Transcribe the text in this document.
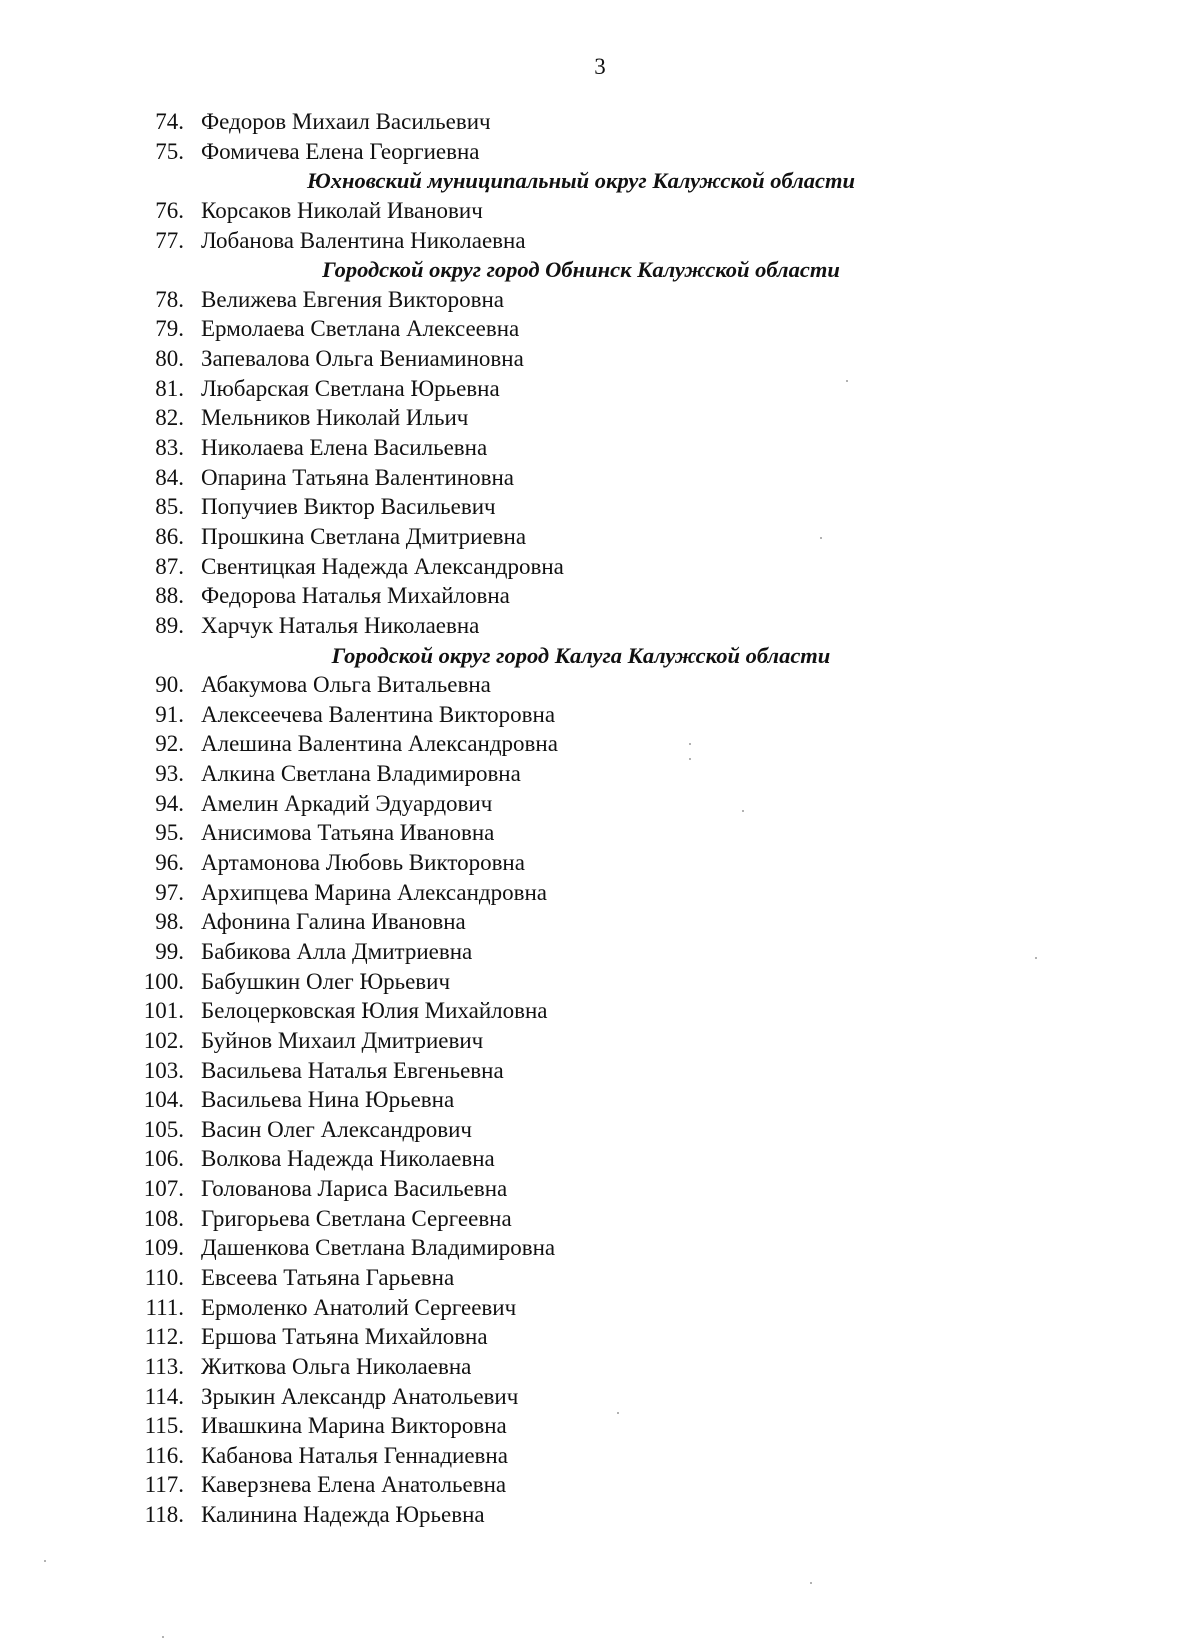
3
74. Федоров Михаил Васильевич
75. Фомичева Елена Георгиевна
Юхновский муниципальный округ Калужской области
76. Корсаков Николай Иванович
77. Лобанова Валентина Николаевна
Городской округ город Обнинск Калужской области
78. Велижева Евгения Викторовна
79. Ермолаева Светлана Алексеевна
80. Запевалова Ольга Вениаминовна
81. Любарская Светлана Юрьевна
82. Мельников Николай Ильич
83. Николаева Елена Васильевна
84. Опарина Татьяна Валентиновна
85. Попучиев Виктор Васильевич
86. Прошкина Светлана Дмитриевна
87. Свентицкая Надежда Александровна
88. Федорова Наталья Михайловна
89. Харчук Наталья Николаевна
Городской округ город Калуга Калужской области
90. Абакумова Ольга Витальевна
91. Алексеечева Валентина Викторовна
92. Алешина Валентина Александровна
93. Алкина Светлана Владимировна
94. Амелин Аркадий Эдуардович
95. Анисимова Татьяна Ивановна
96. Артамонова Любовь Викторовна
97. Архипцева Марина Александровна
98. Афонина Галина Ивановна
99. Бабикова Алла Дмитриевна
100. Бабушкин Олег Юрьевич
101. Белоцерковская Юлия Михайловна
102. Буйнов Михаил Дмитриевич
103. Васильева Наталья Евгеньевна
104. Васильева Нина Юрьевна
105. Васин Олег Александрович
106. Волкова Надежда Николаевна
107. Голованова Лариса Васильевна
108. Григорьева Светлана Сергеевна
109. Дашенкова Светлана Владимировна
110. Евсеева Татьяна Гарьевна
111. Ермоленко Анатолий Сергеевич
112. Ершова Татьяна Михайловна
113. Житкова Ольга Николаевна
114. Зрыкин Александр Анатольевич
115. Ивашкина Марина Викторовна
116. Кабанова Наталья Геннадиевна
117. Каверзнева Елена Анатольевна
118. Калинина Надежда Юрьевна
